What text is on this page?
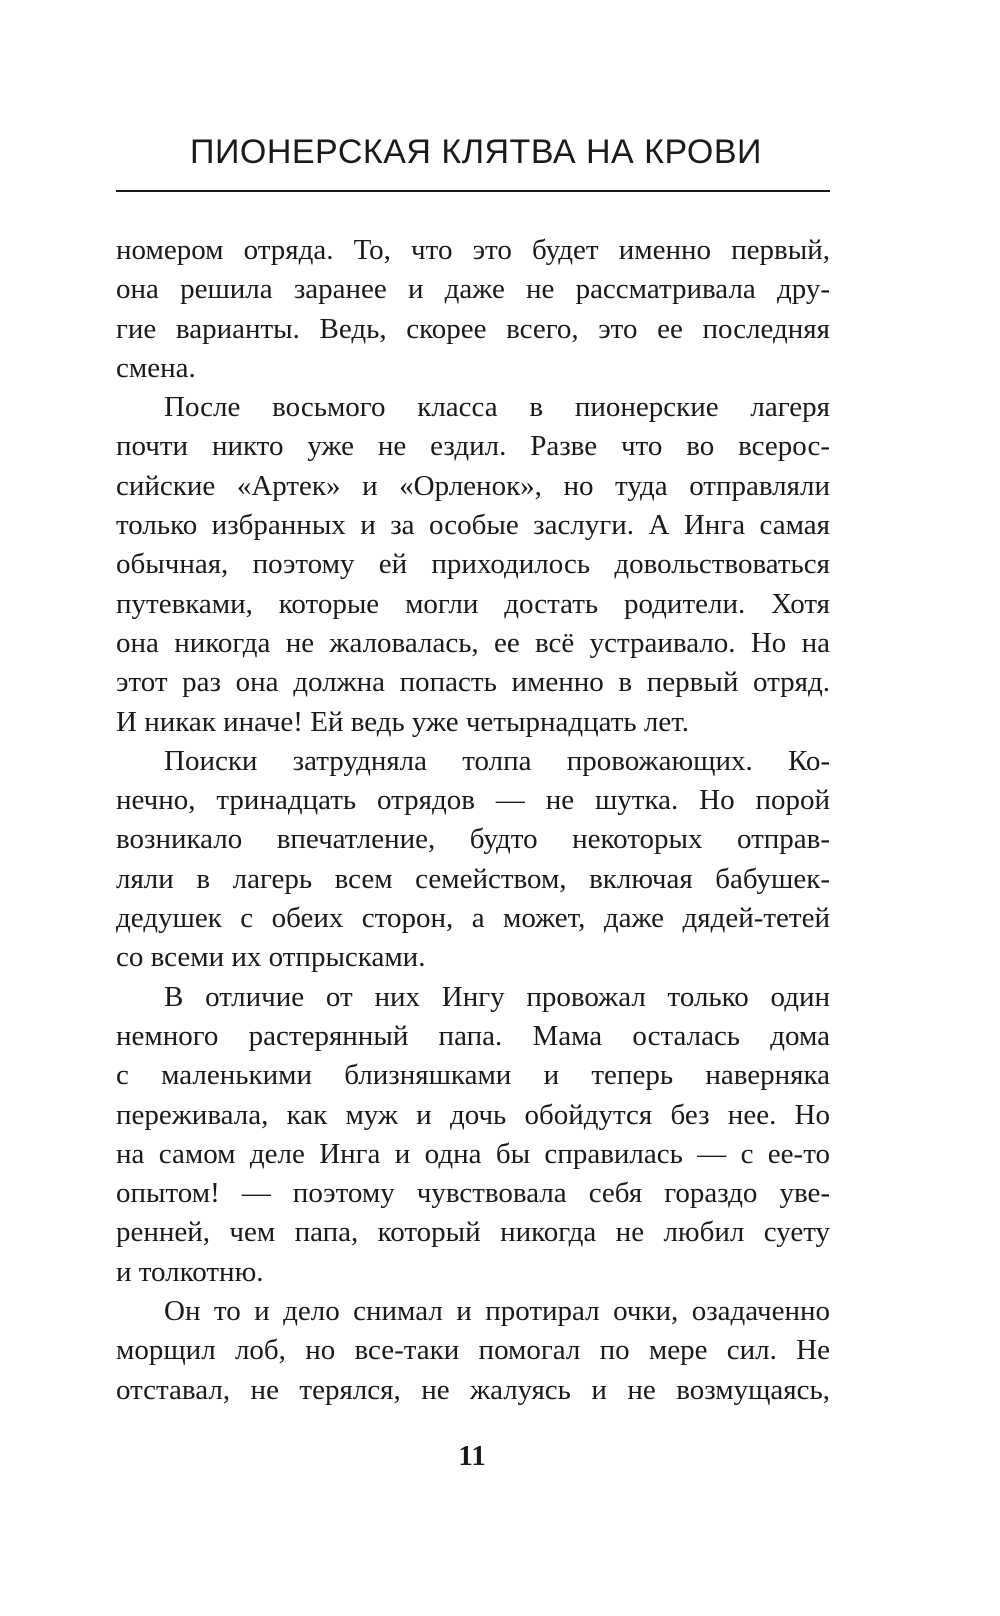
ПИОНЕРСКАЯ КЛЯТВА НА КРОВИ
номером отряда. То, что это будет именно первый,
она решила заранее и даже не рассматривала дру-
гие варианты. Ведь, скорее всего, это ее последняя
смена.
После восьмого класса в пионерские лагеря
почти никто уже не ездил. Разве что во всерос-
сийские «Артек» и «Орленок», но туда отправляли
только избранных и за особые заслуги. А Инга самая
обычная, поэтому ей приходилось довольствоваться
путевками, которые могли достать родители. Хотя
она никогда не жаловалась, ее всё устраивало. Но на
этот раз она должна попасть именно в первый отряд.
И никак иначе! Ей ведь уже четырнадцать лет.
Поиски затрудняла толпа провожающих. Ко-
нечно, тринадцать отрядов — не шутка. Но порой
возникало впечатление, будто некоторых отправ-
ляли в лагерь всем семейством, включая бабушек-
дедушек с обеих сторон, а может, даже дядей-тетей
со всеми их отпрысками.
В отличие от них Ингу провожал только один
немного растерянный папа. Мама осталась дома
с маленькими близняшками и теперь наверняка
переживала, как муж и дочь обойдутся без нее. Но
на самом деле Инга и одна бы справилась — с ее-то
опытом! — поэтому чувствовала себя гораздо уве-
ренней, чем папа, который никогда не любил суету
и толкотню.
Он то и дело снимал и протирал очки, озадаченно
морщил лоб, но все-таки помогал по мере сил. Не
отставал, не терялся, не жалуясь и не возмущаясь,
11
